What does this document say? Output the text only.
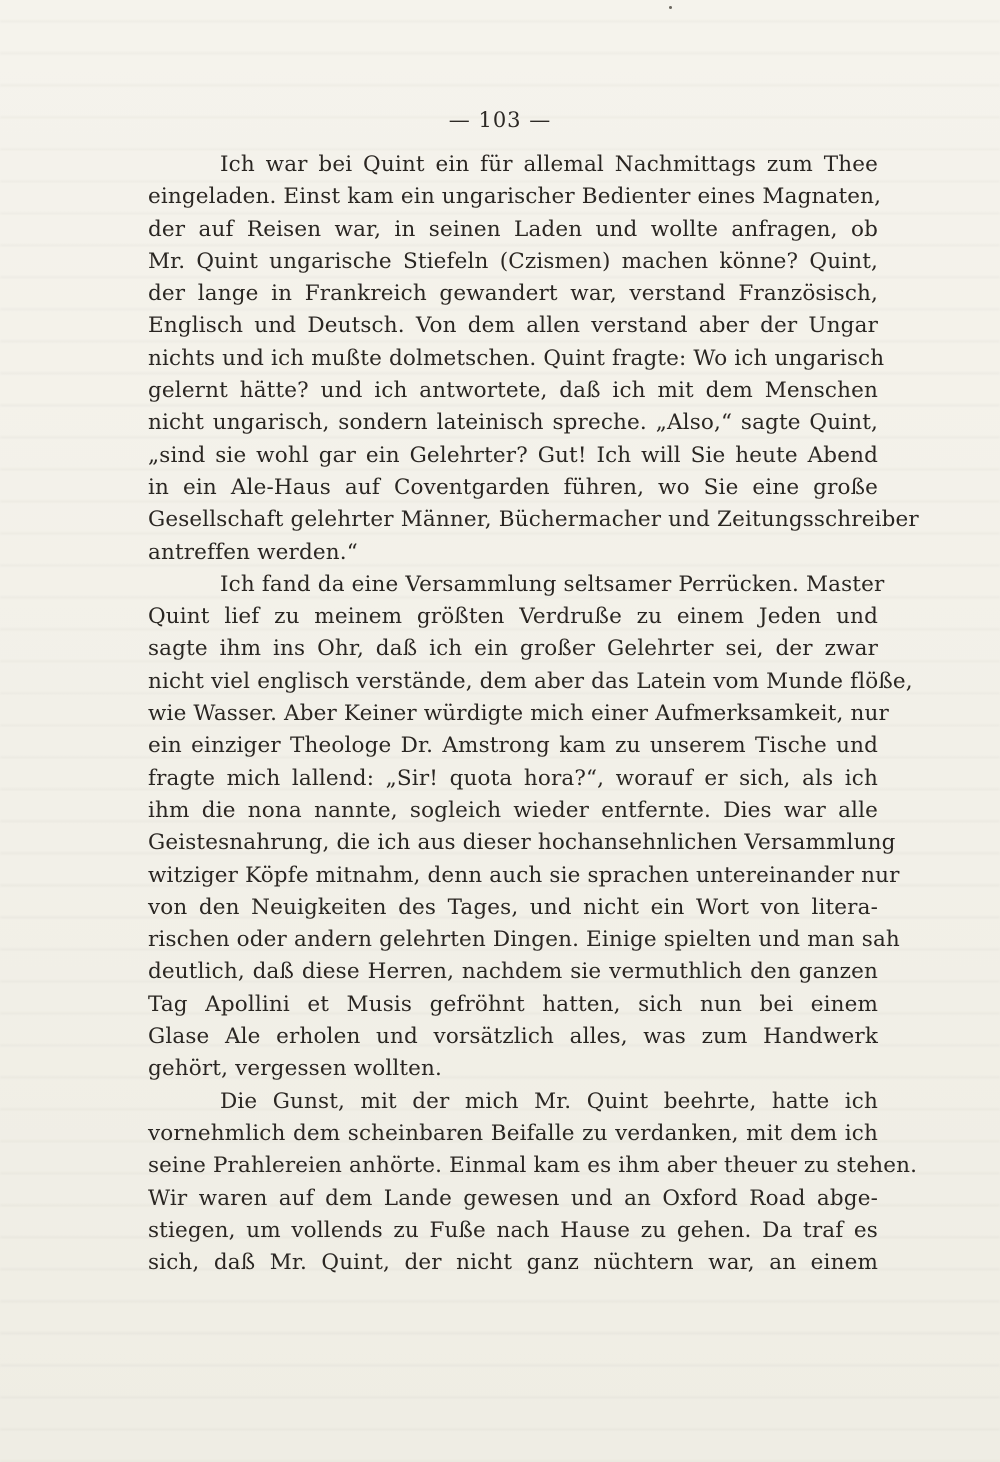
— 103 —
Ich war bei Quint ein für allemal Nachmittags zum Thee
eingeladen. Einst kam ein ungarischer Bedienter eines Magnaten,
der auf Reisen war, in seinen Laden und wollte anfragen, ob
Mr. Quint ungarische Stiefeln (Czismen) machen könne? Quint,
der lange in Frankreich gewandert war, verstand Französisch,
Englisch und Deutsch. Von dem allen verstand aber der Ungar
nichts und ich mußte dolmetschen. Quint fragte: Wo ich ungarisch
gelernt hätte? und ich antwortete, daß ich mit dem Menschen
nicht ungarisch, sondern lateinisch spreche. „Also,“ sagte Quint,
„sind sie wohl gar ein Gelehrter? Gut! Ich will Sie heute Abend
in ein Ale-Haus auf Coventgarden führen, wo Sie eine große
Gesellschaft gelehrter Männer, Büchermacher und Zeitungsschreiber
antreffen werden.“
Ich fand da eine Versammlung seltsamer Perrücken. Master
Quint lief zu meinem größten Verdruße zu einem Jeden und
sagte ihm ins Ohr, daß ich ein großer Gelehrter sei, der zwar
nicht viel englisch verstände, dem aber das Latein vom Munde flöße,
wie Wasser. Aber Keiner würdigte mich einer Aufmerksamkeit, nur
ein einziger Theologe Dr. Amstrong kam zu unserem Tische und
fragte mich lallend: „Sir! quota hora?“, worauf er sich, als ich
ihm die nona nannte, sogleich wieder entfernte. Dies war alle
Geistesnahrung, die ich aus dieser hochansehnlichen Versammlung
witziger Köpfe mitnahm, denn auch sie sprachen untereinander nur
von den Neuigkeiten des Tages, und nicht ein Wort von litera-
rischen oder andern gelehrten Dingen. Einige spielten und man sah
deutlich, daß diese Herren, nachdem sie vermuthlich den ganzen
Tag Apollini et Musis gefröhnt hatten, sich nun bei einem
Glase Ale erholen und vorsätzlich alles, was zum Handwerk
gehört, vergessen wollten.
Die Gunst, mit der mich Mr. Quint beehrte, hatte ich
vornehmlich dem scheinbaren Beifalle zu verdanken, mit dem ich
seine Prahlereien anhörte. Einmal kam es ihm aber theuer zu stehen.
Wir waren auf dem Lande gewesen und an Oxford Road abge-
stiegen, um vollends zu Fuße nach Hause zu gehen. Da traf es
sich, daß Mr. Quint, der nicht ganz nüchtern war, an einem
